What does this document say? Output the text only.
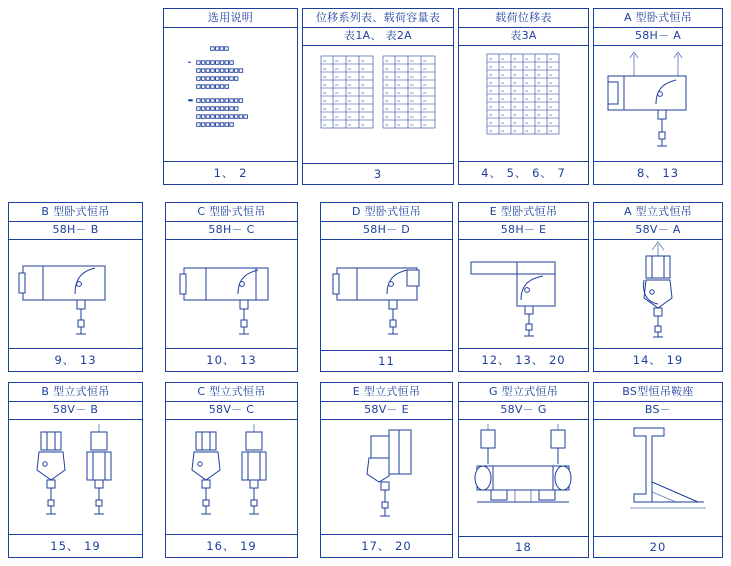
选用说明
□□□□
□□□□□□□□
□□□□□□□□□□
□□□□□□□□□
□□□□□□□
□□□□□□□□□□
□□□□□□□□□
□□□□□□□□□□□
□□□□□□□□
–
=
1、 2
位移系列表、载荷容量表
表1A、 表2A
00	00	00	00
00	00	00	00
00	00	00	00
00	00	00	00
00	00	00	00
00	00	00	00
00	00	00	00
00	00	00	00
00	00	00	00
00	00	00	00
00	00	00	00
00	00	00	00
00	00	00	00
00	00	00	00
00	00	00	00
00	00	00	00
00	00	00	00
00	00	00	00
3
载荷位移表
表3A
00	00	00	00	00	00
00	00	00	00	00	00
00	00	00	00	00	00
00	00	00	00	00	00
00	00	00	00	00	00
00	00	00	00	00	00
00	00	00	00	00	00
00	00	00	00	00	00
00	00	00	00	00	00
00	00	00	00	00	00
4、 5、 6、 7
A 型卧式恒吊
58H－ A
8、 13
B 型卧式恒吊
58H－ B
9、 13
C 型卧式恒吊
58H－ C
10、 13
D 型卧式恒吊
58H－ D
11
E 型卧式恒吊
58H－ E
12、 13、 20
A 型立式恒吊
58V－ A
14、 19
B 型立式恒吊
58V－ B
15、 19
C 型立式恒吊
58V－ C
16、 19
E 型立式恒吊
58V－ E
17、 20
G 型立式恒吊
58V－ G
18
BS型恒吊鞍座
BS－
20
